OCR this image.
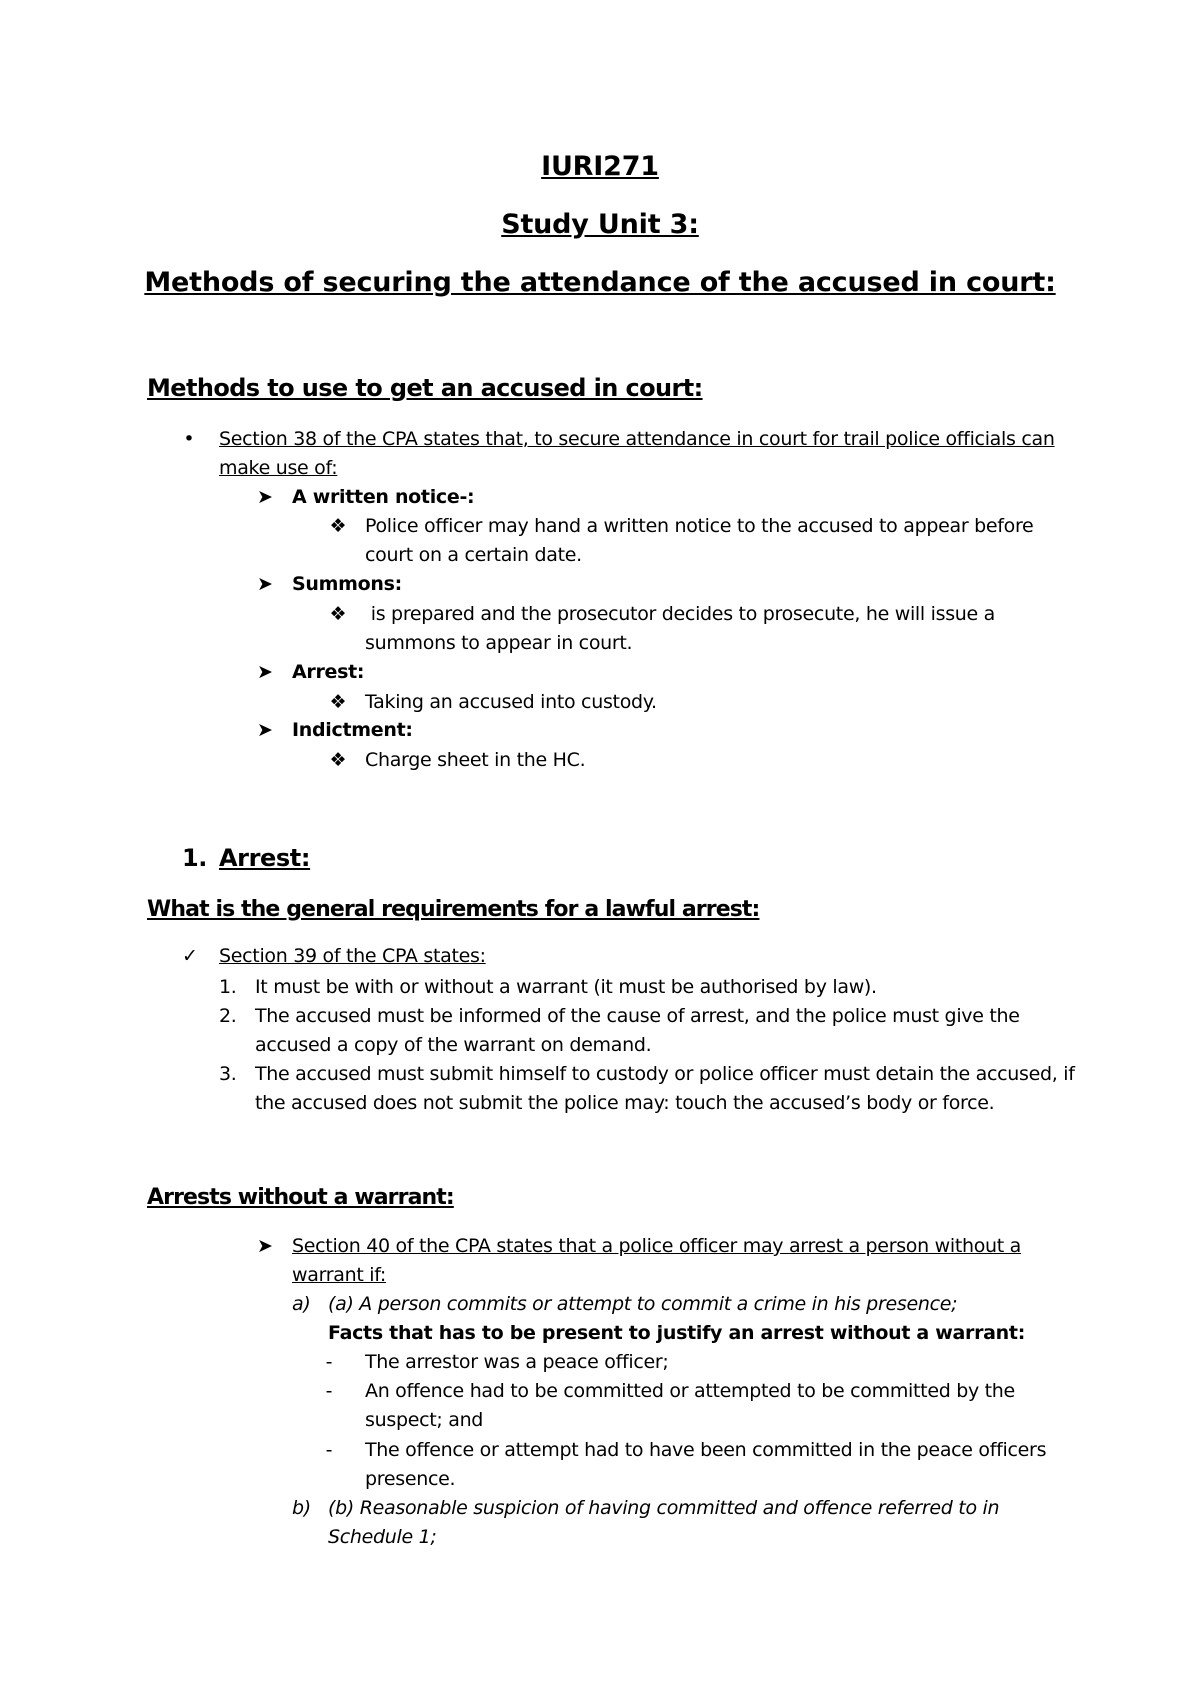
IURI271
Study Unit 3:
Methods of securing the attendance of the accused in court:
Methods to use to get an accused in court:
•	Section 38 of the CPA states that, to secure attendance in court for trail police officials can
make use of:
➤ A written notice-:
❖ Police officer may hand a written notice to the accused to appear before
court on a certain date.
➤ Summons:
❖ is prepared and the prosecutor decides to prosecute, he will issue a
summons to appear in court.
➤ Arrest:
❖ Taking an accused into custody.
➤ Indictment:
❖ Charge sheet in the HC.
1. Arrest:
What is the general requirements for a lawful arrest:
✓ Section 39 of the CPA states:
1. It must be with or without a warrant (it must be authorised by law).
2. The accused must be informed of the cause of arrest, and the police must give the
accused a copy of the warrant on demand.
3. The accused must submit himself to custody or police officer must detain the accused, if
the accused does not submit the police may: touch the accused’s body or force.
Arrests without a warrant:
➤ Section 40 of the CPA states that a police officer may arrest a person without a
warrant if:
a) (a) A person commits or attempt to commit a crime in his presence;
Facts that has to be present to justify an arrest without a warrant:
-	The arrestor was a peace officer;
-	An offence had to be committed or attempted to be committed by the
suspect; and
-	The offence or attempt had to have been committed in the peace officers
presence.
b) (b) Reasonable suspicion of having committed and offence referred to in
Schedule 1;
